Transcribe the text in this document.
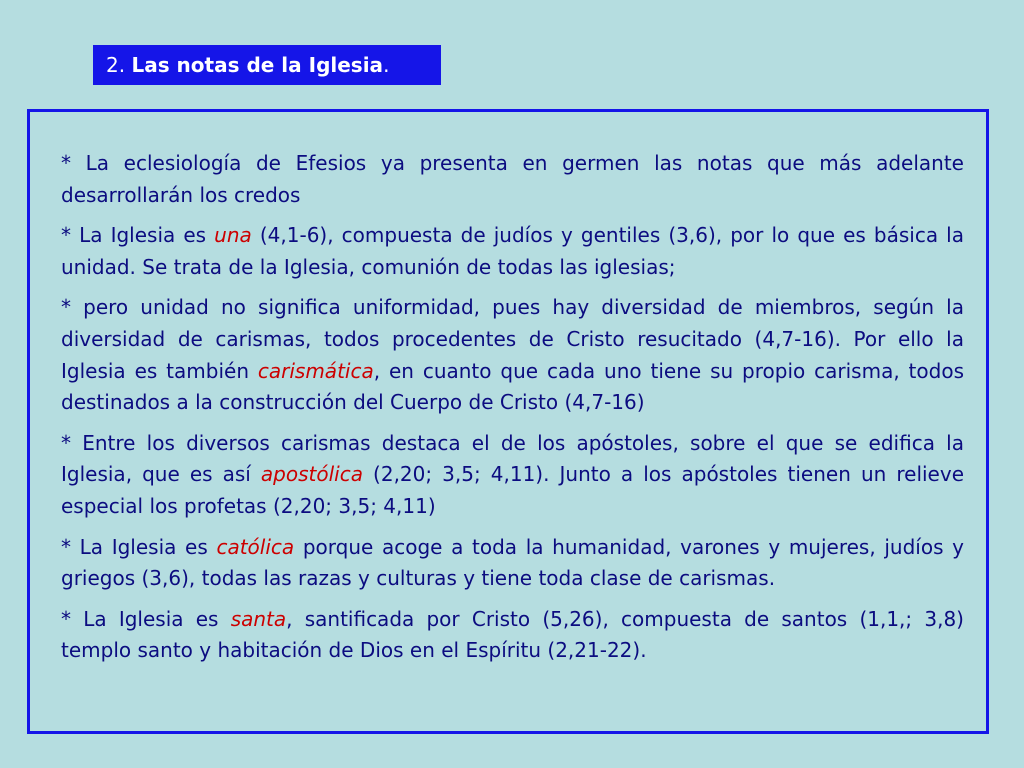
2. Las notas de la Iglesia.

* La eclesiología de Efesios ya presenta en germen las notas que más adelante desarrollarán los credos

* La Iglesia es una (4,1-6), compuesta de judíos y gentiles (3,6), por lo que es básica la unidad. Se trata de la Iglesia, comunión de todas las iglesias;

* pero unidad no significa uniformidad, pues hay diversidad de miembros, según la diversidad de carismas, todos procedentes de Cristo resucitado (4,7-16). Por ello la Iglesia es también carismática, en cuanto que cada uno tiene su propio carisma, todos destinados a la construcción del Cuerpo de Cristo (4,7-16)

* Entre los diversos carismas destaca el de los apóstoles, sobre el que se edifica la Iglesia, que es así apostólica (2,20; 3,5; 4,11). Junto a los apóstoles tienen un relieve especial los profetas (2,20; 3,5; 4,11)

* La Iglesia es católica porque acoge a toda la humanidad, varones y mujeres, judíos y griegos (3,6), todas las razas y culturas y tiene toda clase de carismas.

* La Iglesia es santa, santificada por Cristo (5,26), compuesta de santos (1,1,; 3,8) templo santo y habitación de Dios en el Espíritu (2,21-22).
